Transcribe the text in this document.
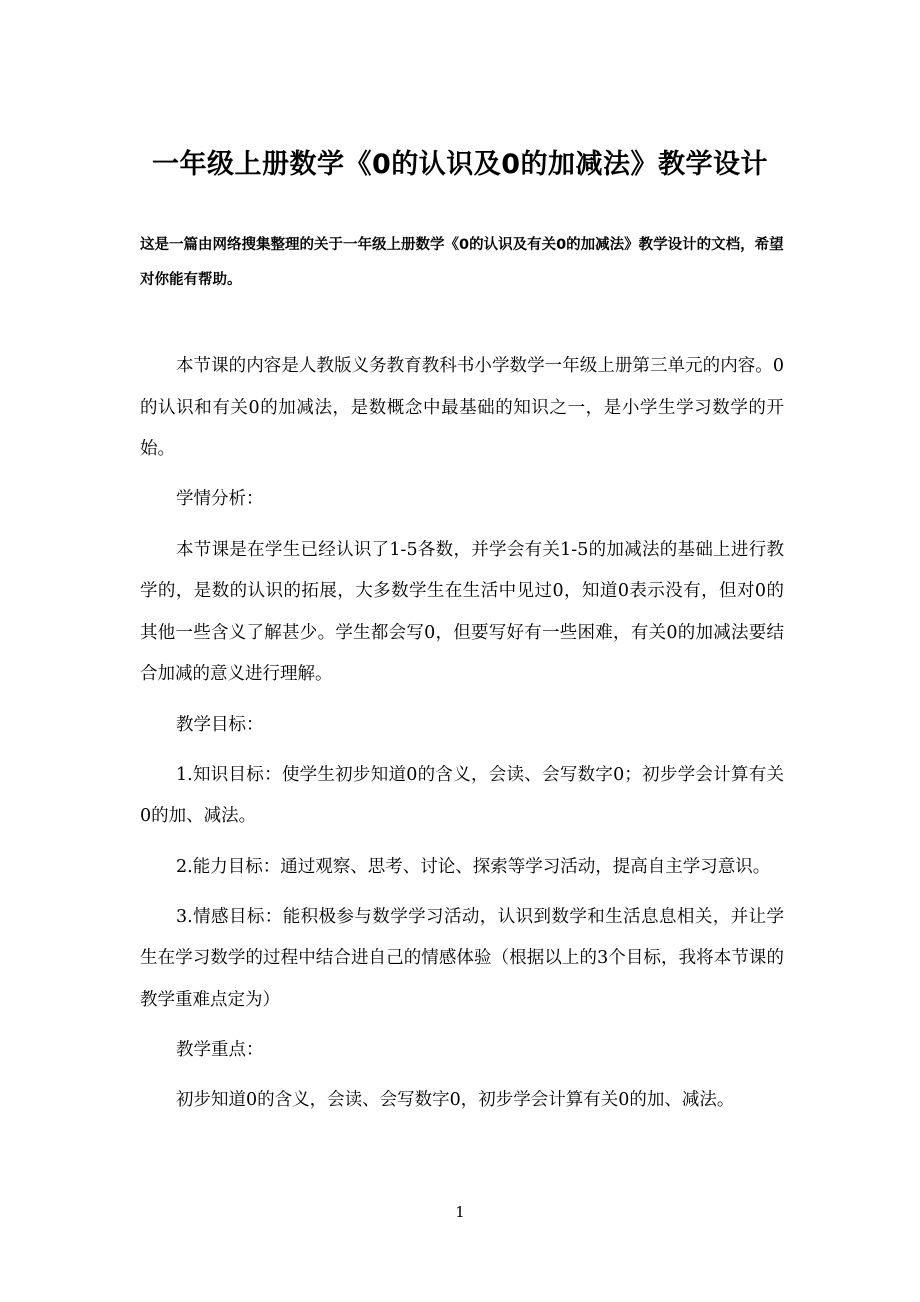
一年级上册数学《0的认识及0的加减法》教学设计
这是一篇由网络搜集整理的关于一年级上册数学《0的认识及有关0的加减法》教学设计的文档，希望对你能有帮助。

本节课的内容是人教版义务教育教科书小学数学一年级上册第三单元的内容。0的认识和有关0的加减法，是数概念中最基础的知识之一，是小学生学习数学的开始。

学情分析：

本节课是在学生已经认识了1-5各数，并学会有关1-5的加减法的基础上进行教学的，是数的认识的拓展，大多数学生在生活中见过0，知道0表示没有，但对0的其他一些含义了解甚少。学生都会写0，但要写好有一些困难，有关0的加减法要结合加减的意义进行理解。

教学目标：

1.知识目标：使学生初步知道0的含义，会读、会写数字0；初步学会计算有关0的加、减法。

2.能力目标：通过观察、思考、讨论、探索等学习活动，提高自主学习意识。

3.情感目标：能积极参与数学学习活动，认识到数学和生活息息相关，并让学生在学习数学的过程中结合进自己的情感体验（根据以上的3个目标，我将本节课的教学重难点定为）

教学重点：

初步知道0的含义，会读、会写数字0，初步学会计算有关0的加、减法。

1
